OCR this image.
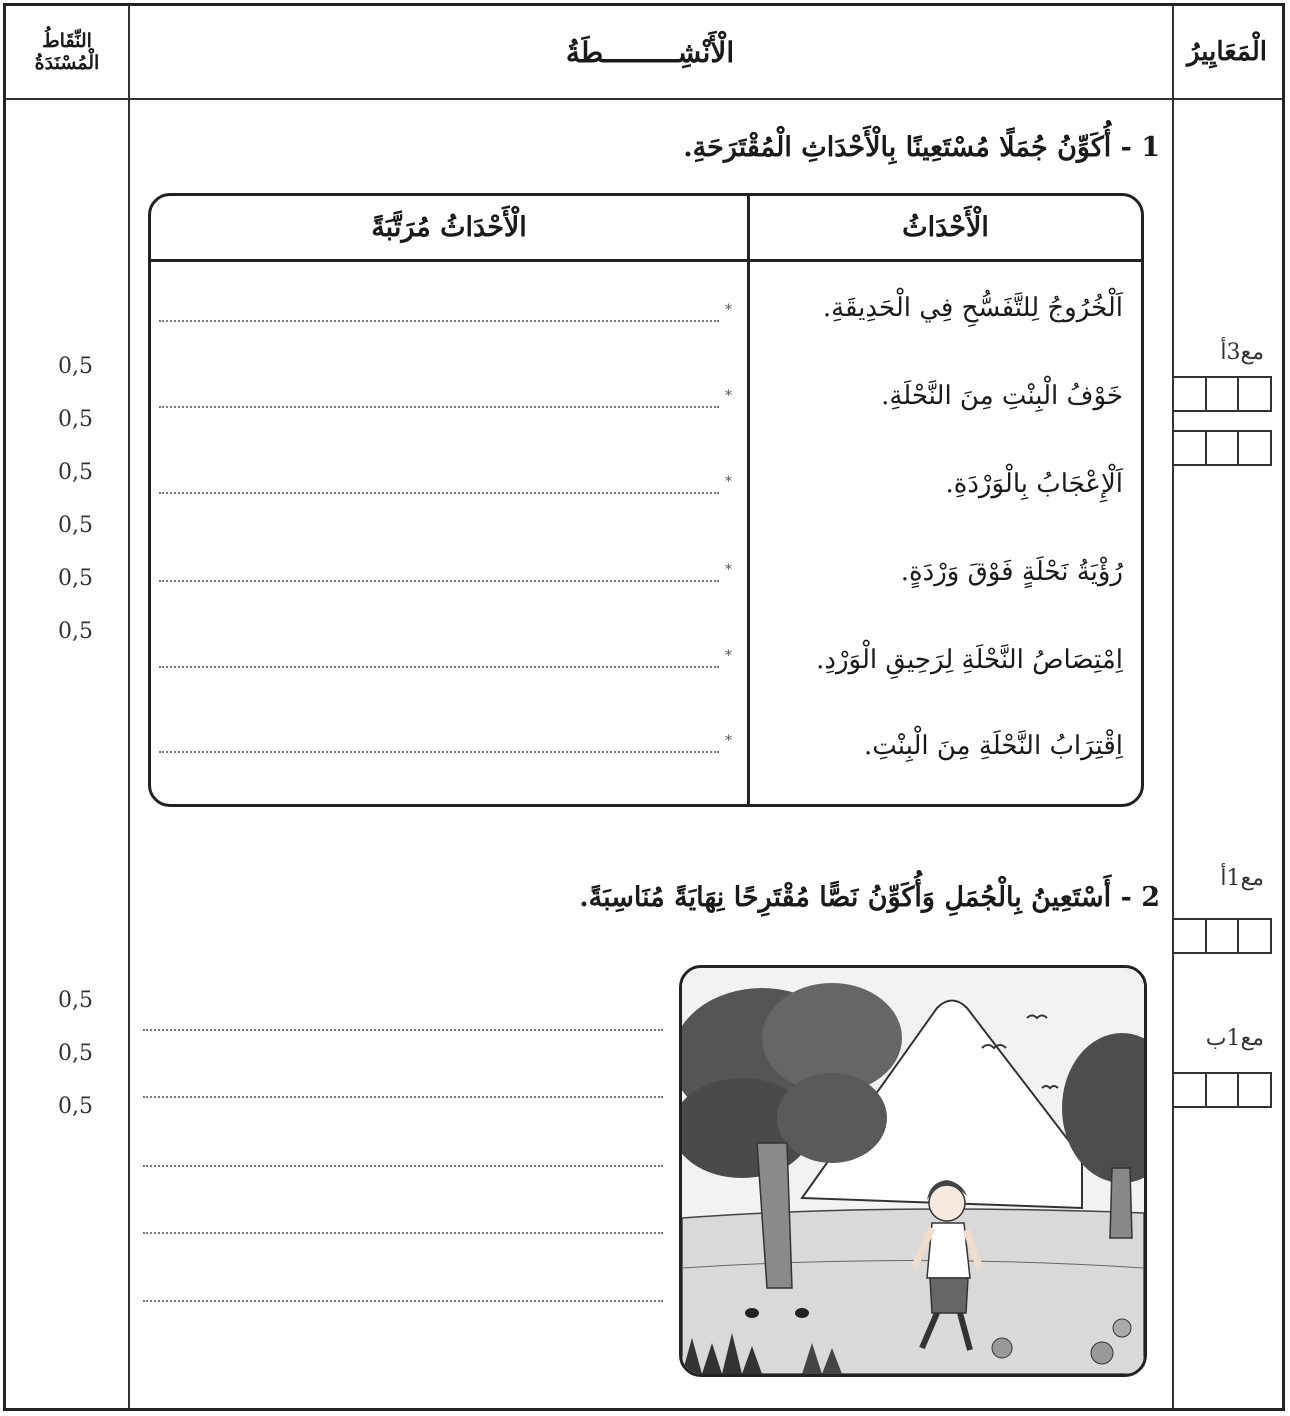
الْمَعَايِيرُ
الْأَنْشِـــــــــطَةُ
النِّقَاطُ
الْمُسْنَدَةُ
1 - أُكَوِّنُ جُمَلًا مُسْتَعِينًا بِالْأَحْدَاثِ الْمُقْتَرَحَةِ.
الْأَحْدَاثُ مُرَتَّبَةً	الْأَحْدَاثُ
اَلْخُرُوجُ لِلتَّفَسُّحِ فِي الْحَدِيقَةِ.
خَوْفُ الْبِنْتِ مِنَ النَّحْلَةِ.
اَلْإِعْجَابُ بِالْوَرْدَةِ.
رُؤْيَةُ نَحْلَةٍ فَوْقَ وَرْدَةٍ.
اِمْتِصَاصُ النَّحْلَةِ لِرَحِيقِ الْوَرْدِ.
اِقْتِرَابُ النَّحْلَةِ مِنَ الْبِنْتِ.
*
*
*
*
*
*
0,5
0,5
0,5
0,5
0,5
0,5
مع3أ
2 - أَسْتَعِينُ بِالْجُمَلِ وَأُكَوِّنُ نَصًّا مُقْتَرِحًا نِهَايَةً مُنَاسِبَةً.
مع1أ
مع1ب
0,5
0,5
0,5
